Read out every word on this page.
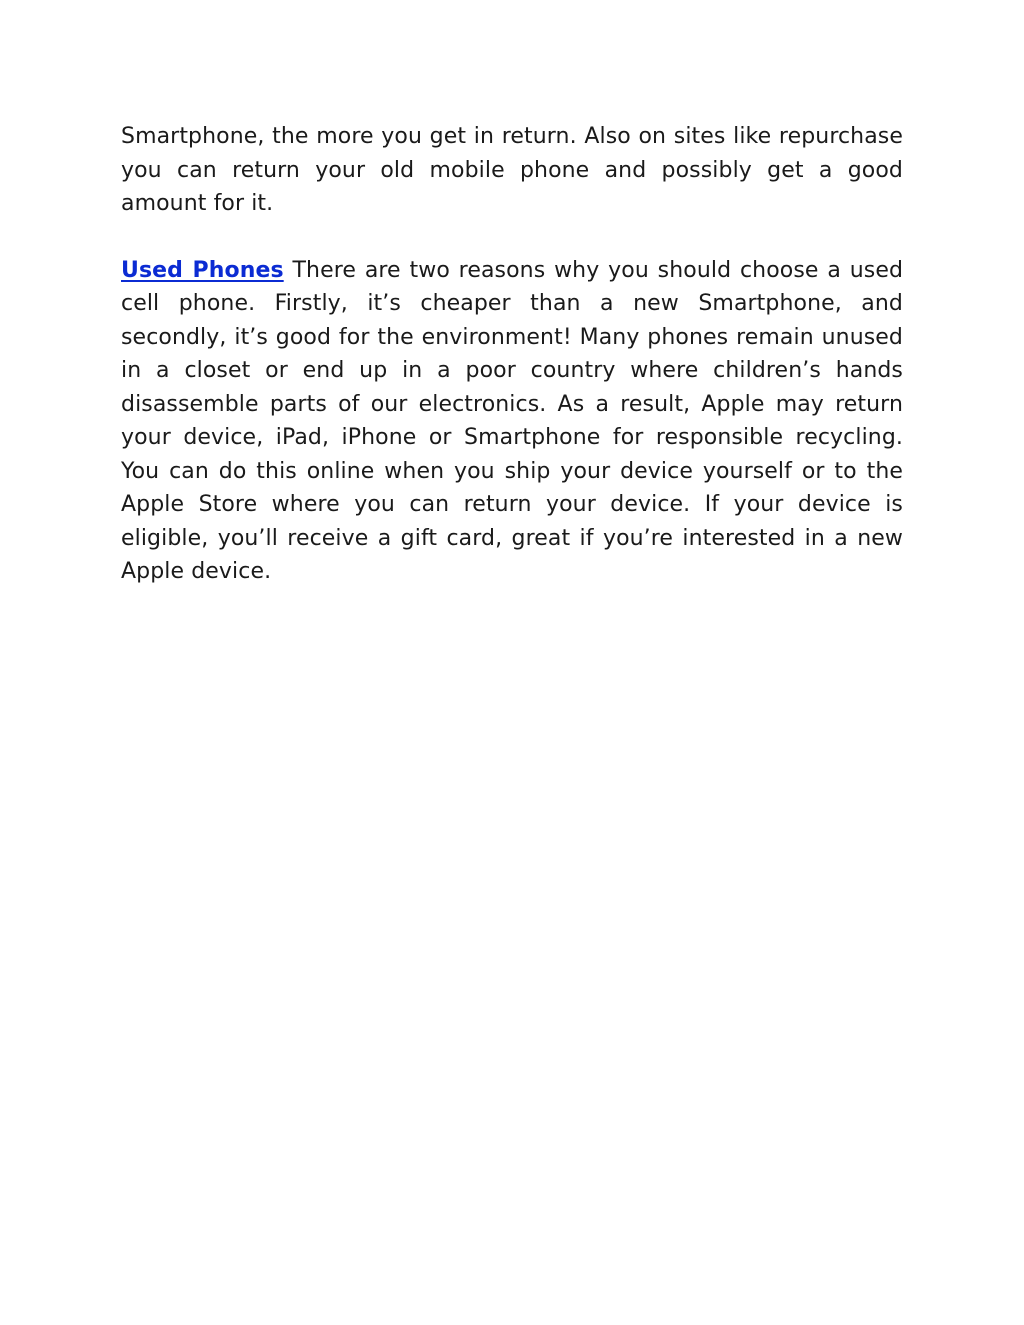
Smartphone, the more you get in return. Also on sites like repurchase you can return your old mobile phone and possibly get a good amount for it.

Used Phones There are two reasons why you should choose a used cell phone. Firstly, it’s cheaper than a new Smartphone, and secondly, it’s good for the environment! Many phones remain unused in a closet or end up in a poor country where children’s hands disassemble parts of our electronics. As a result, Apple may return your device, iPad, iPhone or Smartphone for responsible recycling. You can do this online when you ship your device yourself or to the Apple Store where you can return your device. If your device is eligible, you’ll receive a gift card, great if you’re interested in a new Apple device.
